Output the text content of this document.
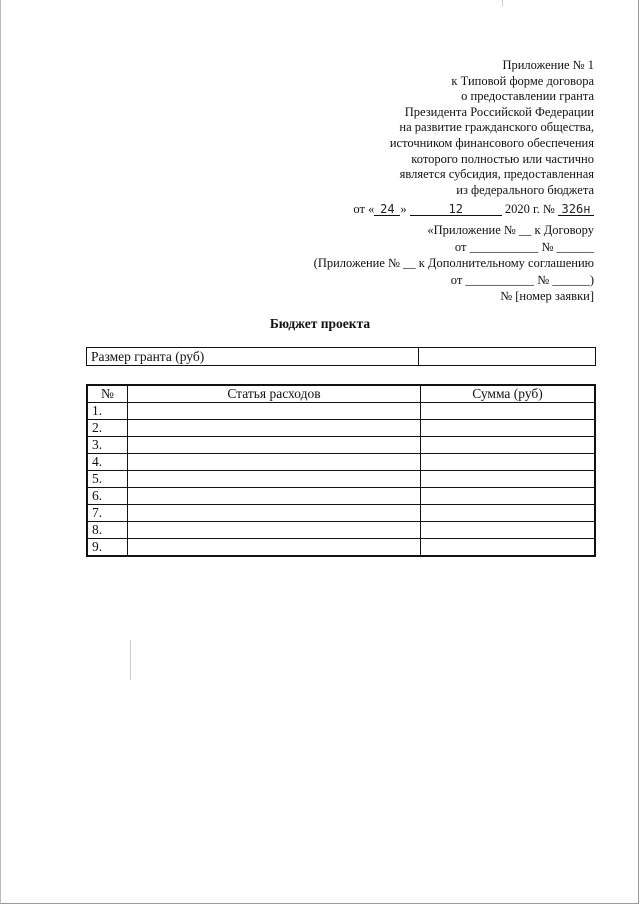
Приложение № 1
к Типовой форме договора
о предоставлении гранта
Президента Российской Федерации
на развитие гражданского общества,
источником финансового обеспечения
которого полностью или частично
является субсидия, предоставленная
из федерального бюджета
от « 24 »	12	2020 г. № 326н
«Приложение № __ к Договору
от ___________ № ______
(Приложение № __ к Дополнительному соглашению
от ___________ № ______)
№ [номер заявки]
Бюджет проекта
Размер гранта (руб)	
№	Статья расходов	Сумма (руб)
1.		
2.		
3.		
4.		
5.		
6.		
7.		
8.		
9.		
